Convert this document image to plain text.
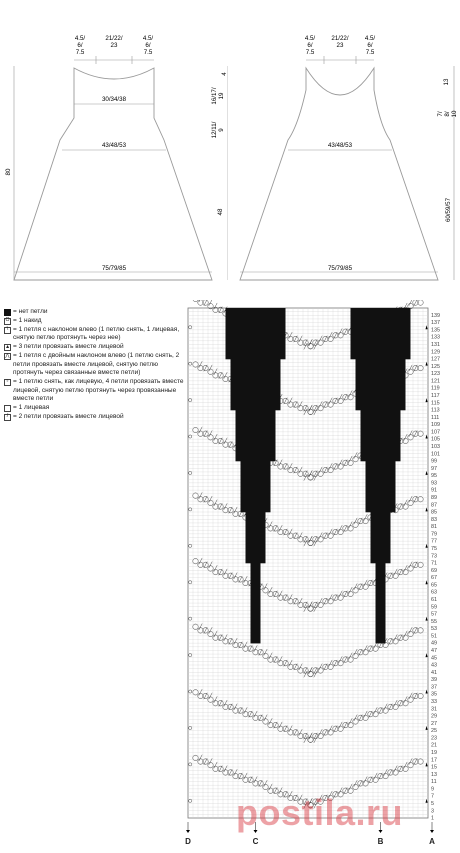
4.5/ 6/ 7.5
21/22/ 23
4.5/ 6/ 7.5
30/34/38
43/48/53
75/79/85
80
4
16/17/19
12/11/9
48
4.5/ 6/ 7.5
21/22/ 23
4.5/ 6/ 7.5
43/48/53
75/79/85
13
7/8/10
60/59/57
= нет петли
O = 1 накид
\ = 1 петля с наклоном влево (1 петлю снять, 1 лицевая, снятую петлю протянуть через нее)
▲ = 3 петли провязать вместе лицевой
⋀ = 1 петля с двойным наклоном влево (1 петлю снять, 2 петли провязать вместе лицевой, снятую петлю протянуть через связанные вместе петли)
⁵ = 1 петлю снять, как лицевую, 4 петли провязать вместе лицевой, снятую петлю протянуть через провязанные вместе петли
= 1 лицевая
/ = 2 петли провязать вместе лицевой
139
137
135
133
131
129
127
125
123
121
119
117
115
113
111
109
107
105
103
101
99
97
95
93
91
89
87
85
83
81
79
77
75
73
71
69
67
65
63
61
59
57
55
53
51
49
47
45
43
41
39
37
35
33
31
29
27
25
23
21
19
17
15
13
11
9
7
5
3
1
D	C	B	A
postila.ru
